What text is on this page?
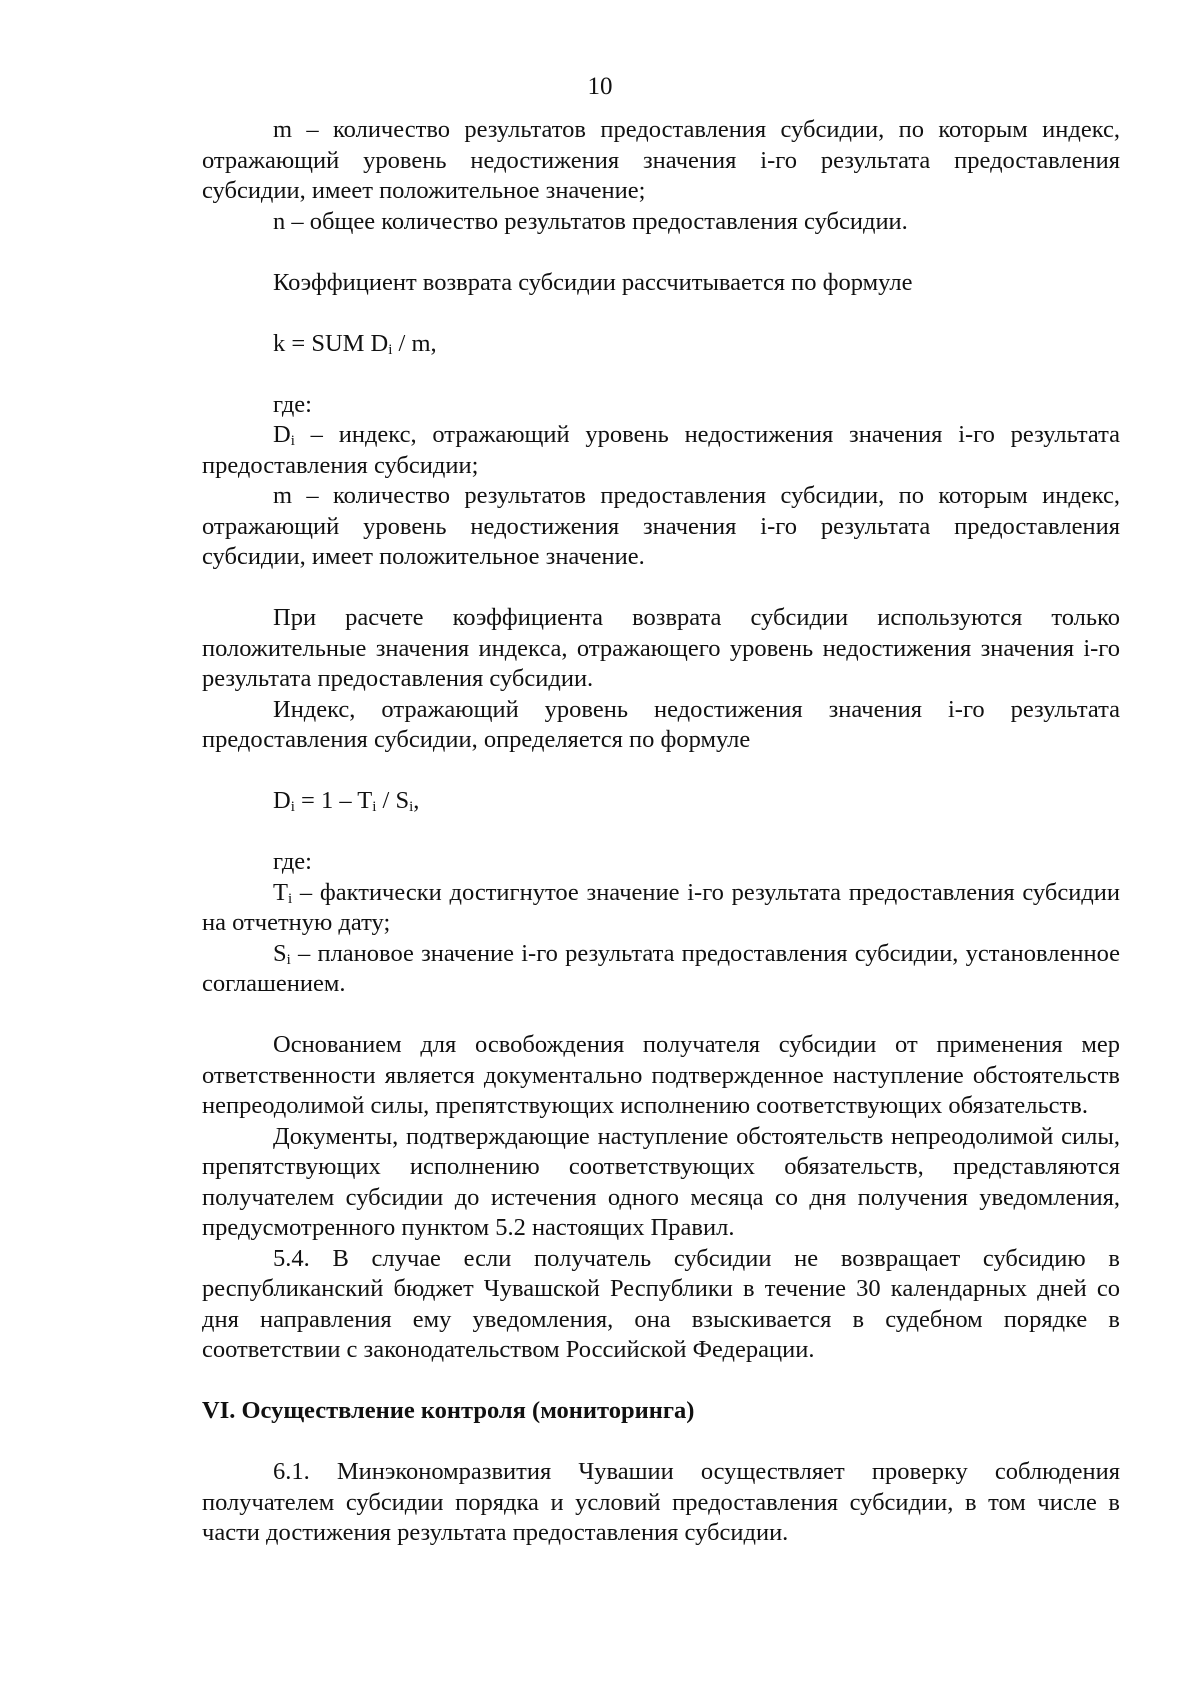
10

m – количество результатов предоставления субсидии, по которым индекс, отражающий уровень недостижения значения i-го результата предоставления субсидии, имеет положительное значение;

n – общее количество результатов предоставления субсидии.

Коэффициент возврата субсидии рассчитывается по формуле

k = SUM $D_i$ / m,

где:

$D_i$ – индекс, отражающий уровень недостижения значения i-го результата предоставления субсидии;

m – количество результатов предоставления субсидии, по которым индекс, отражающий уровень недостижения значения i-го результата предоставления субсидии, имеет положительное значение.

При расчете коэффициента возврата субсидии используются только положительные значения индекса, отражающего уровень недостижения значения i-го результата предоставления субсидии.

Индекс, отражающий уровень недостижения значения i-го результата предоставления субсидии, определяется по формуле

$D_i = 1 - T_i / S_i$,

где:

$T_i$ – фактически достигнутое значение i-го результата предоставления субсидии на отчетную дату;

$S_i$ – плановое значение i-го результата предоставления субсидии, установленное соглашением.

Основанием для освобождения получателя субсидии от применения мер ответственности является документально подтвержденное наступление обстоятельств непреодолимой силы, препятствующих исполнению соответствующих обязательств.

Документы, подтверждающие наступление обстоятельств непреодолимой силы, препятствующих исполнению соответствующих обязательств, представляются получателем субсидии до истечения одного месяца со дня получения уведомления, предусмотренного пунктом 5.2 настоящих Правил.

5.4. В случае если получатель субсидии не возвращает субсидию в республиканский бюджет Чувашской Республики в течение 30 календарных дней со дня направления ему уведомления, она взыскивается в судебном порядке в соответствии с законодательством Российской Федерации.

VI. Осуществление контроля (мониторинга)

6.1. Минэкономразвития Чувашии осуществляет проверку соблюдения получателем субсидии порядка и условий предоставления субсидии, в том числе в части достижения результата предоставления субсидии.
